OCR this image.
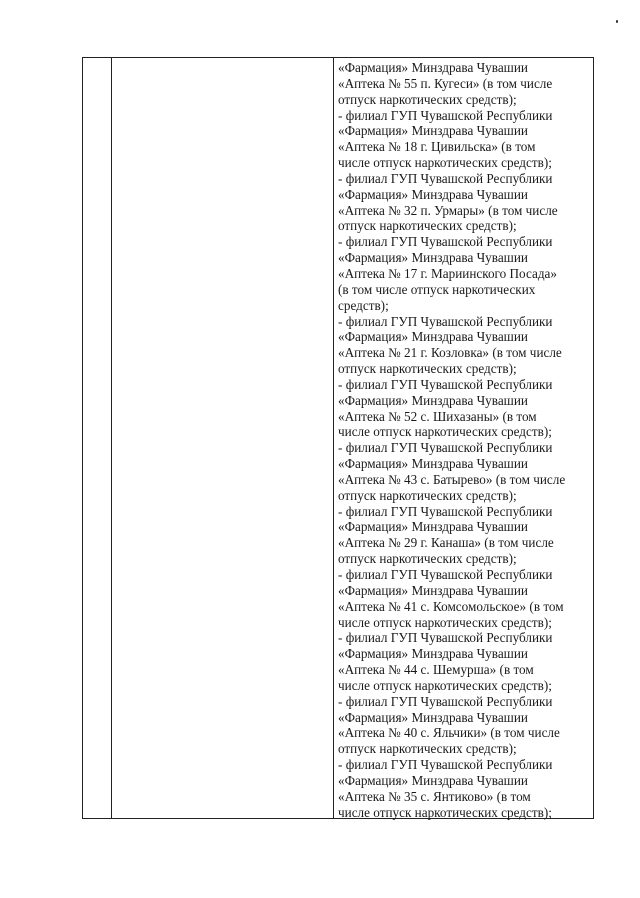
«Фармация» Минздрава Чувашии
«Аптека № 55 п. Кугеси» (в том числе
отпуск наркотических средств);
- филиал ГУП Чувашской Республики
«Фармация» Минздрава Чувашии
«Аптека № 18 г. Цивильска» (в том
числе отпуск наркотических средств);
- филиал ГУП Чувашской Республики
«Фармация» Минздрава Чувашии
«Аптека № 32 п. Урмары» (в том числе
отпуск наркотических средств);
- филиал ГУП Чувашской Республики
«Фармация» Минздрава Чувашии
«Аптека № 17 г. Мариинского Посада»
(в том числе отпуск наркотических
средств);
- филиал ГУП Чувашской Республики
«Фармация» Минздрава Чувашии
«Аптека № 21 г. Козловка» (в том числе
отпуск наркотических средств);
- филиал ГУП Чувашской Республики
«Фармация» Минздрава Чувашии
«Аптека № 52 с. Шихазаны» (в том
числе отпуск наркотических средств);
- филиал ГУП Чувашской Республики
«Фармация» Минздрава Чувашии
«Аптека № 43 с. Батырево» (в том числе
отпуск наркотических средств);
- филиал ГУП Чувашской Республики
«Фармация» Минздрава Чувашии
«Аптека № 29 г. Канаша» (в том числе
отпуск наркотических средств);
- филиал ГУП Чувашской Республики
«Фармация» Минздрава Чувашии
«Аптека № 41 с. Комсомольское» (в том
числе отпуск наркотических средств);
- филиал ГУП Чувашской Республики
«Фармация» Минздрава Чувашии
«Аптека № 44 с. Шемурша» (в том
числе отпуск наркотических средств);
- филиал ГУП Чувашской Республики
«Фармация» Минздрава Чувашии
«Аптека № 40 с. Яльчики» (в том числе
отпуск наркотических средств);
- филиал ГУП Чувашской Республики
«Фармация» Минздрава Чувашии
«Аптека № 35 с. Янтиково» (в том
числе отпуск наркотических средств);
